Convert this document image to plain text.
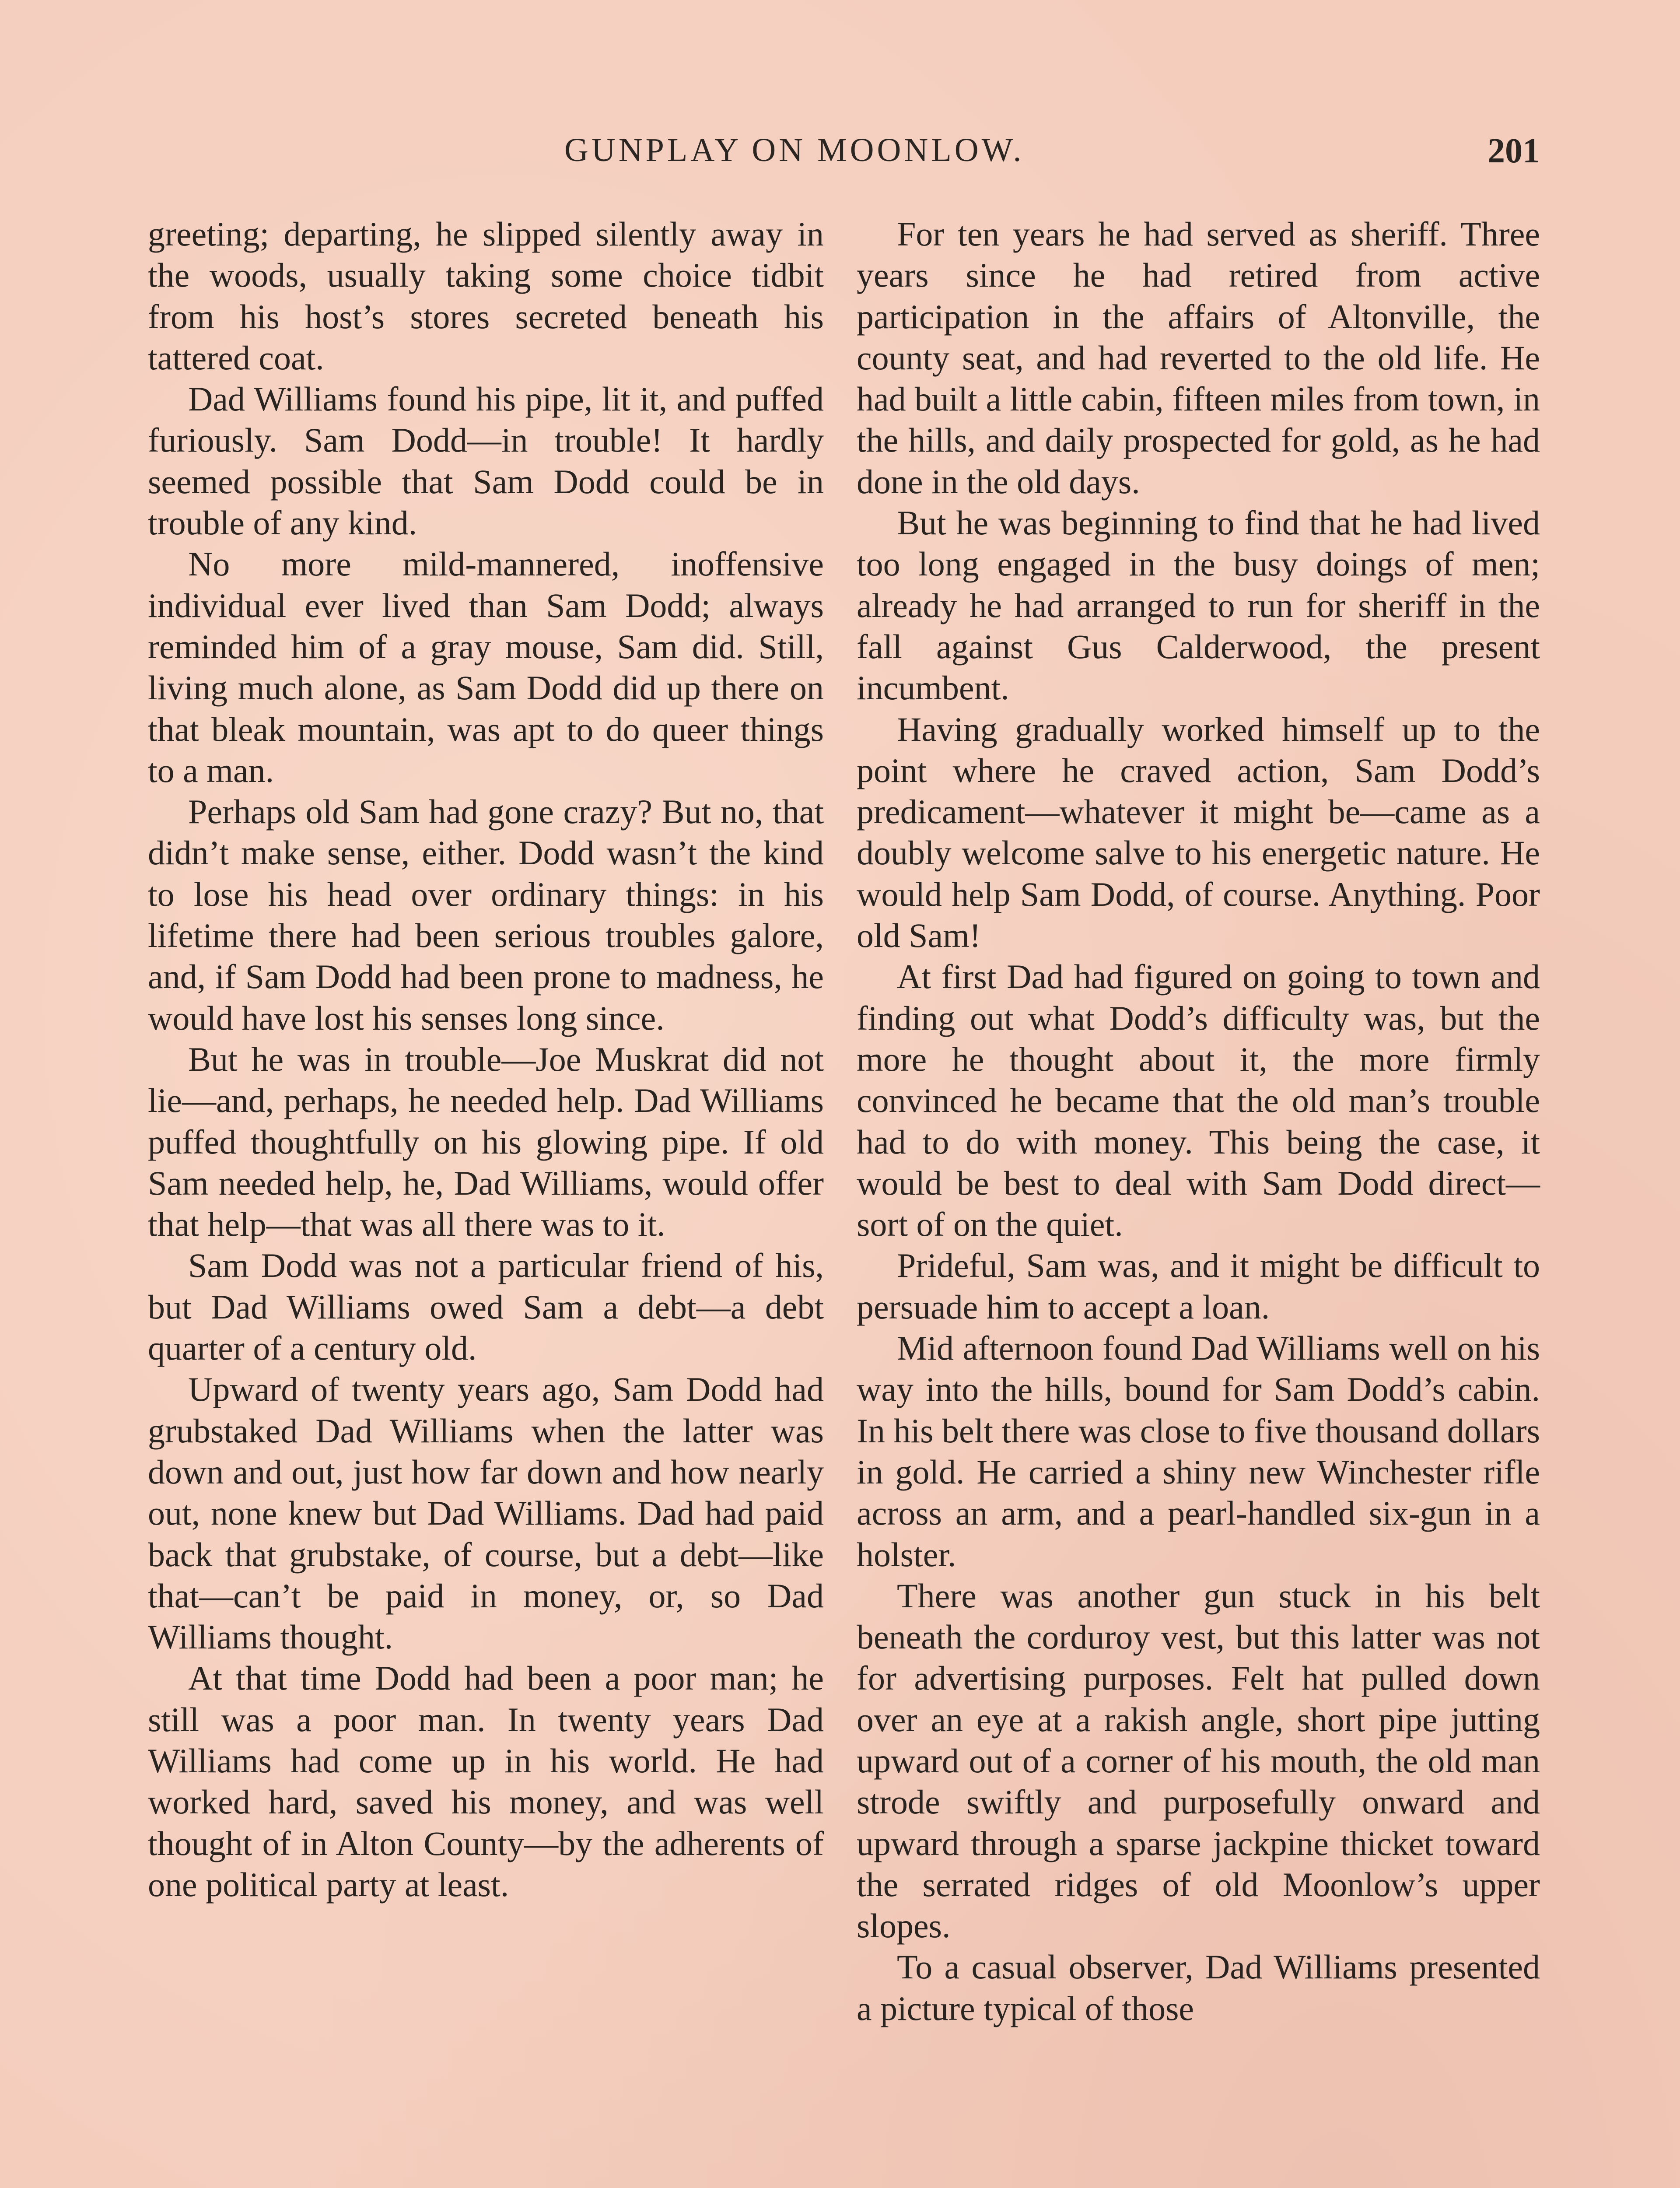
GUNPLAY ON MOONLOW.	201

greeting; departing, he slipped silently away in the woods, usually taking some choice tidbit from his host’s stores secreted beneath his tattered coat.

Dad Williams found his pipe, lit it, and puffed furiously. Sam Dodd—in trouble! It hardly seemed possible that Sam Dodd could be in trouble of any kind.

No more mild-mannered, inoffensive individual ever lived than Sam Dodd; always reminded him of a gray mouse, Sam did. Still, living much alone, as Sam Dodd did up there on that bleak mountain, was apt to do queer things to a man.

Perhaps old Sam had gone crazy? But no, that didn’t make sense, either. Dodd wasn’t the kind to lose his head over ordinary things: in his lifetime there had been serious troubles galore, and, if Sam Dodd had been prone to madness, he would have lost his senses long since.

But he was in trouble—Joe Muskrat did not lie—and, perhaps, he needed help. Dad Williams puffed thoughtfully on his glowing pipe. If old Sam needed help, he, Dad Williams, would offer that help—that was all there was to it.

Sam Dodd was not a particular friend of his, but Dad Williams owed Sam a debt—a debt quarter of a century old.

Upward of twenty years ago, Sam Dodd had grubstaked Dad Williams when the latter was down and out, just how far down and how nearly out, none knew but Dad Williams. Dad had paid back that grubstake, of course, but a debt—like that—can’t be paid in money, or, so Dad Williams thought.

At that time Dodd had been a poor man; he still was a poor man. In twenty years Dad Williams had come up in his world. He had worked hard, saved his money, and was well thought of in Alton County—by the adherents of one political party at least.

For ten years he had served as sheriff. Three years since he had retired from active participation in the affairs of Altonville, the county seat, and had reverted to the old life. He had built a little cabin, fifteen miles from town, in the hills, and daily prospected for gold, as he had done in the old days.

But he was beginning to find that he had lived too long engaged in the busy doings of men; already he had arranged to run for sheriff in the fall against Gus Calderwood, the present incumbent.

Having gradually worked himself up to the point where he craved action, Sam Dodd’s predicament—whatever it might be—came as a doubly welcome salve to his energetic nature. He would help Sam Dodd, of course. Anything. Poor old Sam!

At first Dad had figured on going to town and finding out what Dodd’s difficulty was, but the more he thought about it, the more firmly convinced he became that the old man’s trouble had to do with money. This being the case, it would be best to deal with Sam Dodd direct—sort of on the quiet.

Prideful, Sam was, and it might be difficult to persuade him to accept a loan.

Mid afternoon found Dad Williams well on his way into the hills, bound for Sam Dodd’s cabin. In his belt there was close to five thousand dollars in gold. He carried a shiny new Winchester rifle across an arm, and a pearl-handled six-gun in a holster.

There was another gun stuck in his belt beneath the corduroy vest, but this latter was not for advertising purposes. Felt hat pulled down over an eye at a rakish angle, short pipe jutting upward out of a corner of his mouth, the old man strode swiftly and purposefully onward and upward through a sparse jackpine thicket toward the serrated ridges of old Moonlow’s upper slopes.

To a casual observer, Dad Williams presented a picture typical of those
